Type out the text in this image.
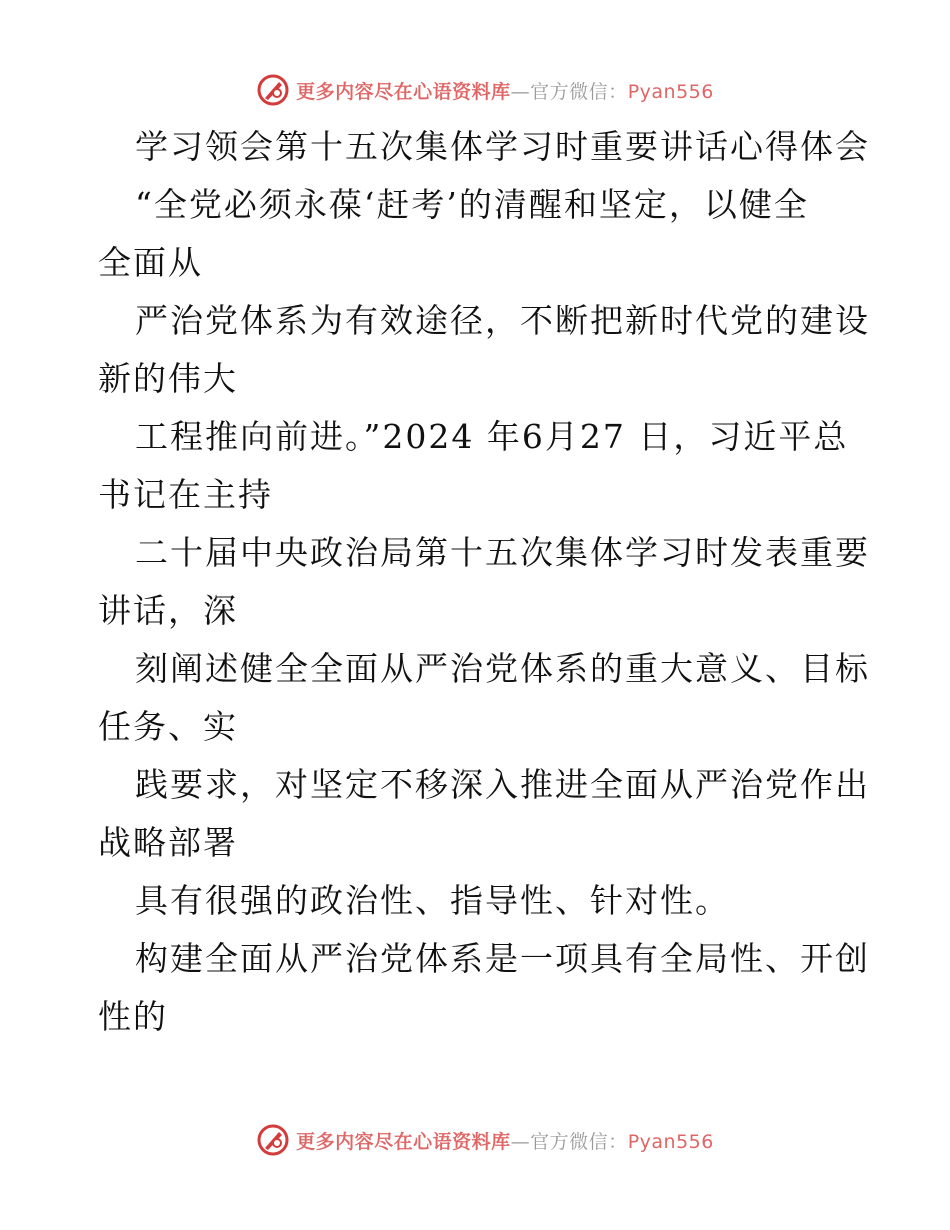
更多内容尽在心语资料库—官方微信：Pyan556
学习领会第十五次集体学习时重要讲话心得体会
“全党必须永葆‘赶考’的清醒和坚定，以健全
全面从
严治党体系为有效途径，不断把新时代党的建设
新的伟大
工程推向前进。”2024 年6月27 日，习近平总
书记在主持
二十届中央政治局第十五次集体学习时发表重要
讲话，深
刻阐述健全全面从严治党体系的重大意义、目标
任务、实
践要求，对坚定不移深入推进全面从严治党作出
战略部署
具有很强的政治性、指导性、针对性。
构建全面从严治党体系是一项具有全局性、开创
性的
更多内容尽在心语资料库—官方微信：Pyan556
